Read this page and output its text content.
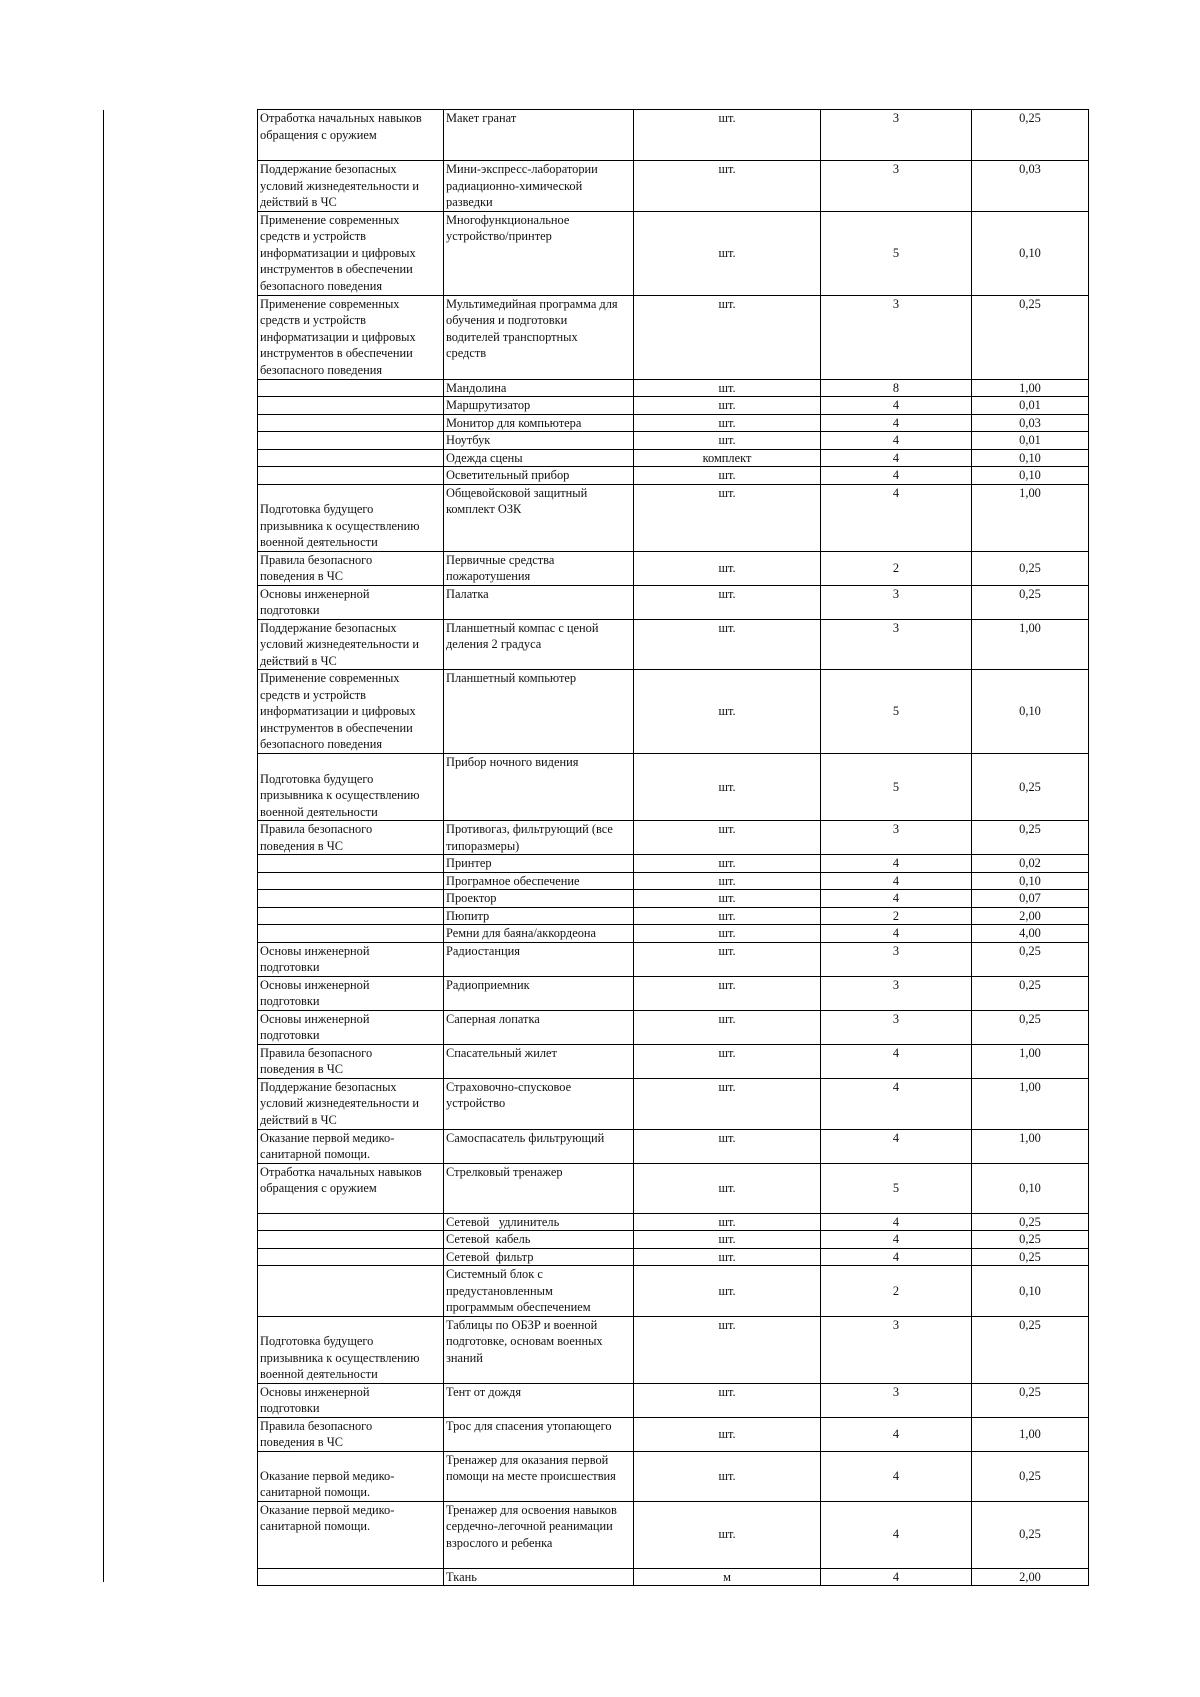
Отработка начальных навыков
обращения с оружием	Макет гранат	шт.	3	0,25

Поддержание безопасных
условий жизнедеятельности и
действий в ЧС	Мини-экспресс-лаборатории
радиационно-химической
разведки	шт.	3	0,03

Применение современных
средств и устройств
информатизации и цифровых
инструментов в обеспечении
безопасного поведения	Многофункциональное
устройство/принтер	шт.	5	0,10

Применение современных
средств и устройств
информатизации и цифровых
инструментов в обеспечении
безопасного поведения	Мультимедийная программа для
обучения и подготовки
водителей транспортных
средств	шт.	3	0,25
	Мандолина	шт.	8	1,00
	Маршрутизатор	шт.	4	0,01
	Монитор для компьютера	шт.	4	0,03
	Ноутбук	шт.	4	0,01
	Одежда сцены	комплект	4	0,10
	Осветительный прибор	шт.	4	0,10

Подготовка будущего
призывника к осуществлению
военной деятельности	Общевойсковой защитный
комплект ОЗК	шт.	4	1,00

Правила безопасного
поведения в ЧС	Первичные средства
пожаротушения	шт.	2	0,25

Основы инженерной
подготовки	Палатка	шт.	3	0,25

Поддержание безопасных
условий жизнедеятельности и
действий в ЧС	Планшетный компас с ценой
деления 2 градуса	шт.	3	1,00

Применение современных
средств и устройств
информатизации и цифровых
инструментов в обеспечении
безопасного поведения	Планшетный компьютер	шт.	5	0,10

Подготовка будущего
призывника к осуществлению
военной деятельности	Прибор ночного видения	шт.	5	0,25

Правила безопасного
поведения в ЧС	Противогаз, фильтрующий (все
типоразмеры)	шт.	3	0,25
	Принтер	шт.	4	0,02
	Програмное обеспечение	шт.	4	0,10
	Проектор	шт.	4	0,07
	Пюпитр	шт.	2	2,00
	Ремни для баяна/аккордеона	шт.	4	4,00

Основы инженерной
подготовки	Радиостанция	шт.	3	0,25

Основы инженерной
подготовки	Радиоприемник	шт.	3	0,25

Основы инженерной
подготовки	Саперная лопатка	шт.	3	0,25

Правила безопасного
поведения в ЧС	Спасательный жилет	шт.	4	1,00

Поддержание безопасных
условий жизнедеятельности и
действий в ЧС	Страховочно-спусковое
устройство	шт.	4	1,00

Оказание первой медико-
санитарной помощи.	Самоспасатель фильтрующий	шт.	4	1,00

Отработка начальных навыков
обращения с оружием	Стрелковый тренажер	шт.	5	0,10
	Сетевой   удлинитель	шт.	4	0,25
	Сетевой  кабель	шт.	4	0,25
	Сетевой  фильтр	шт.	4	0,25

	Системный блок с
предустановленным
программым обеспечением	шт.	2	0,10

Подготовка будущего
призывника к осуществлению
военной деятельности	Таблицы по ОБЗР и военной
подготовке, основам военных
знаний	шт.	3	0,25

Основы инженерной
подготовки	Тент от дождя	шт.	3	0,25

Правила безопасного
поведения в ЧС	Трос для спасения утопающего	шт.	4	1,00

Оказание первой медико-
санитарной помощи.	Тренажер для оказания первой
помощи на месте происшествия	шт.	4	0,25

Оказание первой медико-
санитарной помощи.	Тренажер для освоения навыков
сердечно-легочной реанимации
взрослого и ребенка	шт.	4	0,25
	Ткань	м	4	2,00
